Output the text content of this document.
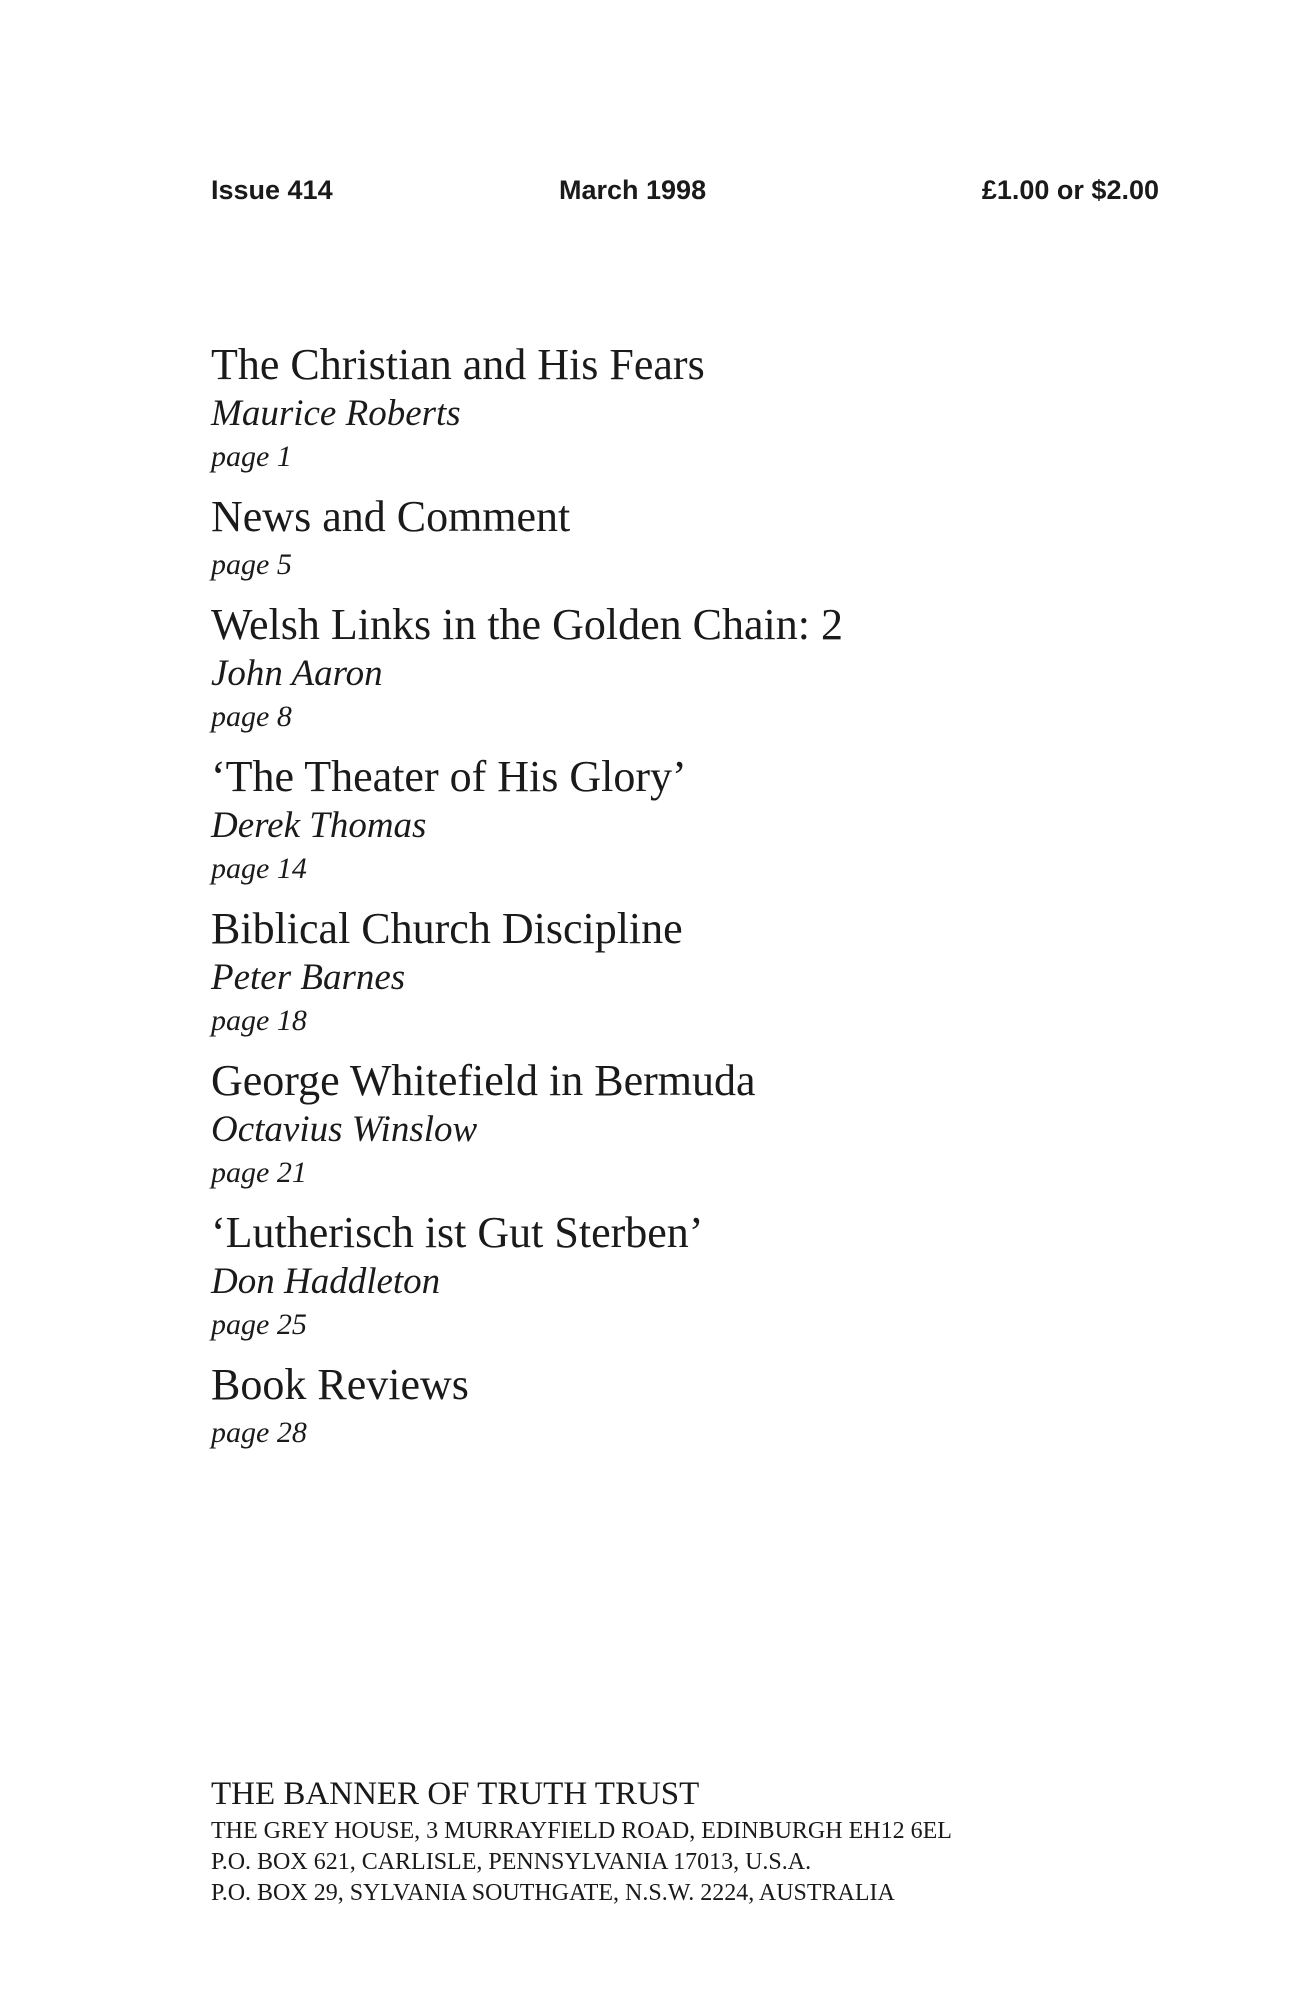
Issue 414	March 1998	£1.00 or $2.00
The Christian and His Fears
Maurice Roberts
page 1
News and Comment
page 5
Welsh Links in the Golden Chain: 2
John Aaron
page 8
‘The Theater of His Glory’
Derek Thomas
page 14
Biblical Church Discipline
Peter Barnes
page 18
George Whitefield in Bermuda
Octavius Winslow
page 21
‘Lutherisch ist Gut Sterben’
Don Haddleton
page 25
Book Reviews
page 28
THE BANNER OF TRUTH TRUST
THE GREY HOUSE, 3 MURRAYFIELD ROAD, EDINBURGH EH12 6EL
P.O. BOX 621, CARLISLE, PENNSYLVANIA 17013, U.S.A.
P.O. BOX 29, SYLVANIA SOUTHGATE, N.S.W. 2224, AUSTRALIA
